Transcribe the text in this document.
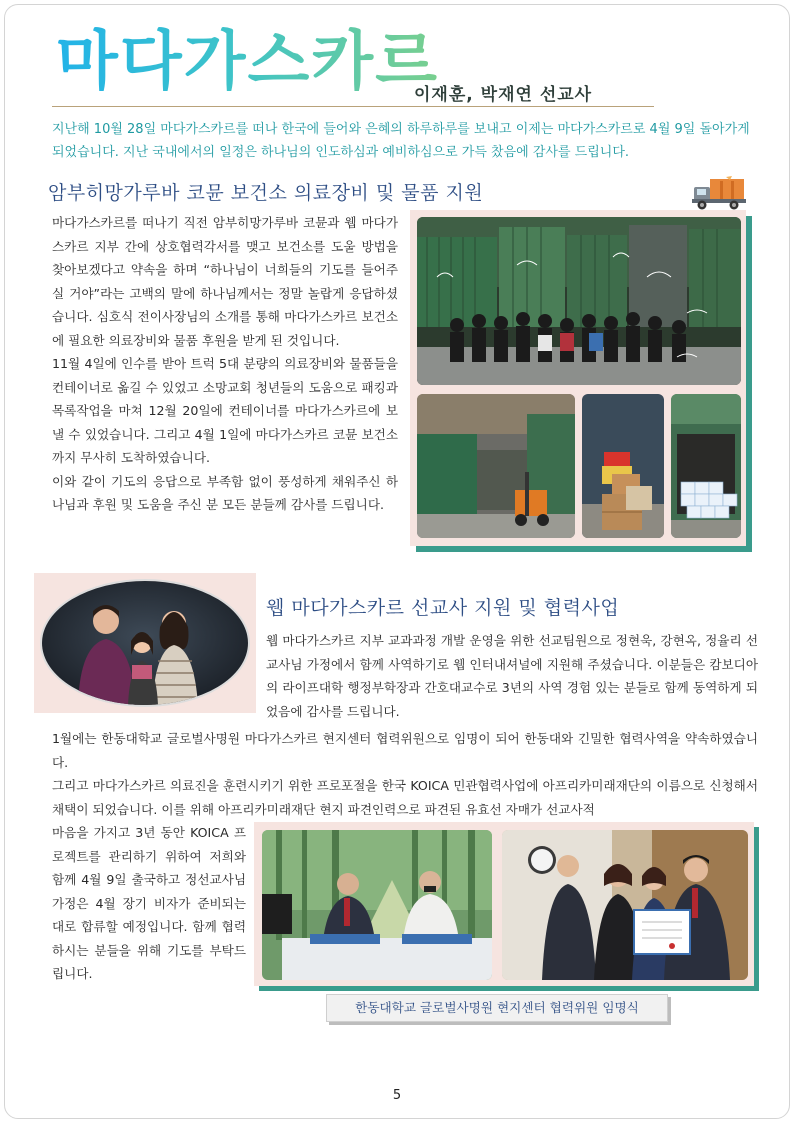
마다가스카르
이재훈, 박재연 선교사
지난해 10월 28일 마다가스카르를 떠나 한국에 들어와 은혜의 하루하루를 보내고 이제는 마다가스카르로 4월 9일 돌아가게 되었습니다. 지난 국내에서의 일정은 하나님의 인도하심과 예비하심으로 가득 찼음에 감사를 드립니다.
암부히망가루바 코뮨 보건소 의료장비 및 물품 지원

마다가스카르를 떠나기 직전 암부히망가루바 코뮨과 웹 마다가스카르 지부 간에 상호협력각서를 맺고 보건소를 도울 방법을 찾아보겠다고 약속을 하며 “하나님이 너희들의 기도를 들어주실 거야”라는 고백의 말에 하나님께서는 정말 놀랍게 응답하셨습니다. 심호식 전이사장님의 소개를 통해 마다가스카르 보건소에 필요한 의료장비와 물품 후원을 받게 된 것입니다.

11월 4일에 인수를 받아 트럭 5대 분량의 의료장비와 물품들을 컨테이너로 옮길 수 있었고 소망교회 청년들의 도움으로 패킹과 목록작업을 마쳐 12월 20일에 컨테이너를 마다가스카르에 보낼 수 있었습니다. 그리고 4월 1일에 마다가스카르 코뮨 보건소까지 무사히 도착하였습니다.

이와 같이 기도의 응답으로 부족함 없이 풍성하게 채워주신 하나님과 후원 및 도움을 주신 분 모든 분들께 감사를 드립니다.

웹 마다가스카르 선교사 지원 및 협력사업
웹 마다가스카르 지부 교과과정 개발 운영을 위한 선교팀원으로 정현욱, 강현옥, 정율리 선교사님 가정에서 함께 사역하기로 웹 인터내셔널에 지원해 주셨습니다. 이분들은 캄보디아의 라이프대학 행정부학장과 간호대교수로 3년의 사역 경험 있는 분들로 함께 동역하게 되었음에 감사를 드립니다.

1월에는 한동대학교 글로벌사명원 마다가스카르 현지센터 협력위원으로 임명이 되어 한동대와 긴밀한 협력사역을 약속하였습니다.

그리고 마다가스카르 의료진을 훈련시키기 위한 프로포절을 한국 KOICA 민관협력사업에 아프리카미래재단의 이름으로 신청해서 채택이 되었습니다. 이를 위해 아프리카미래재단 현지 파견인력으로 파견된 유효선 자매가 선교사적

마음을 가지고 3년 동안 KOICA 프로젝트를 관리하기 위하여 저희와 함께 4월 9일 출국하고 정선교사님 가정은 4월 장기 비자가 준비되는 대로 합류할 예정입니다. 함께 협력하시는 분들을 위해 기도를 부탁드립니다.
한동대학교 글로벌사명원 현지센터 협력위원 임명식
5
